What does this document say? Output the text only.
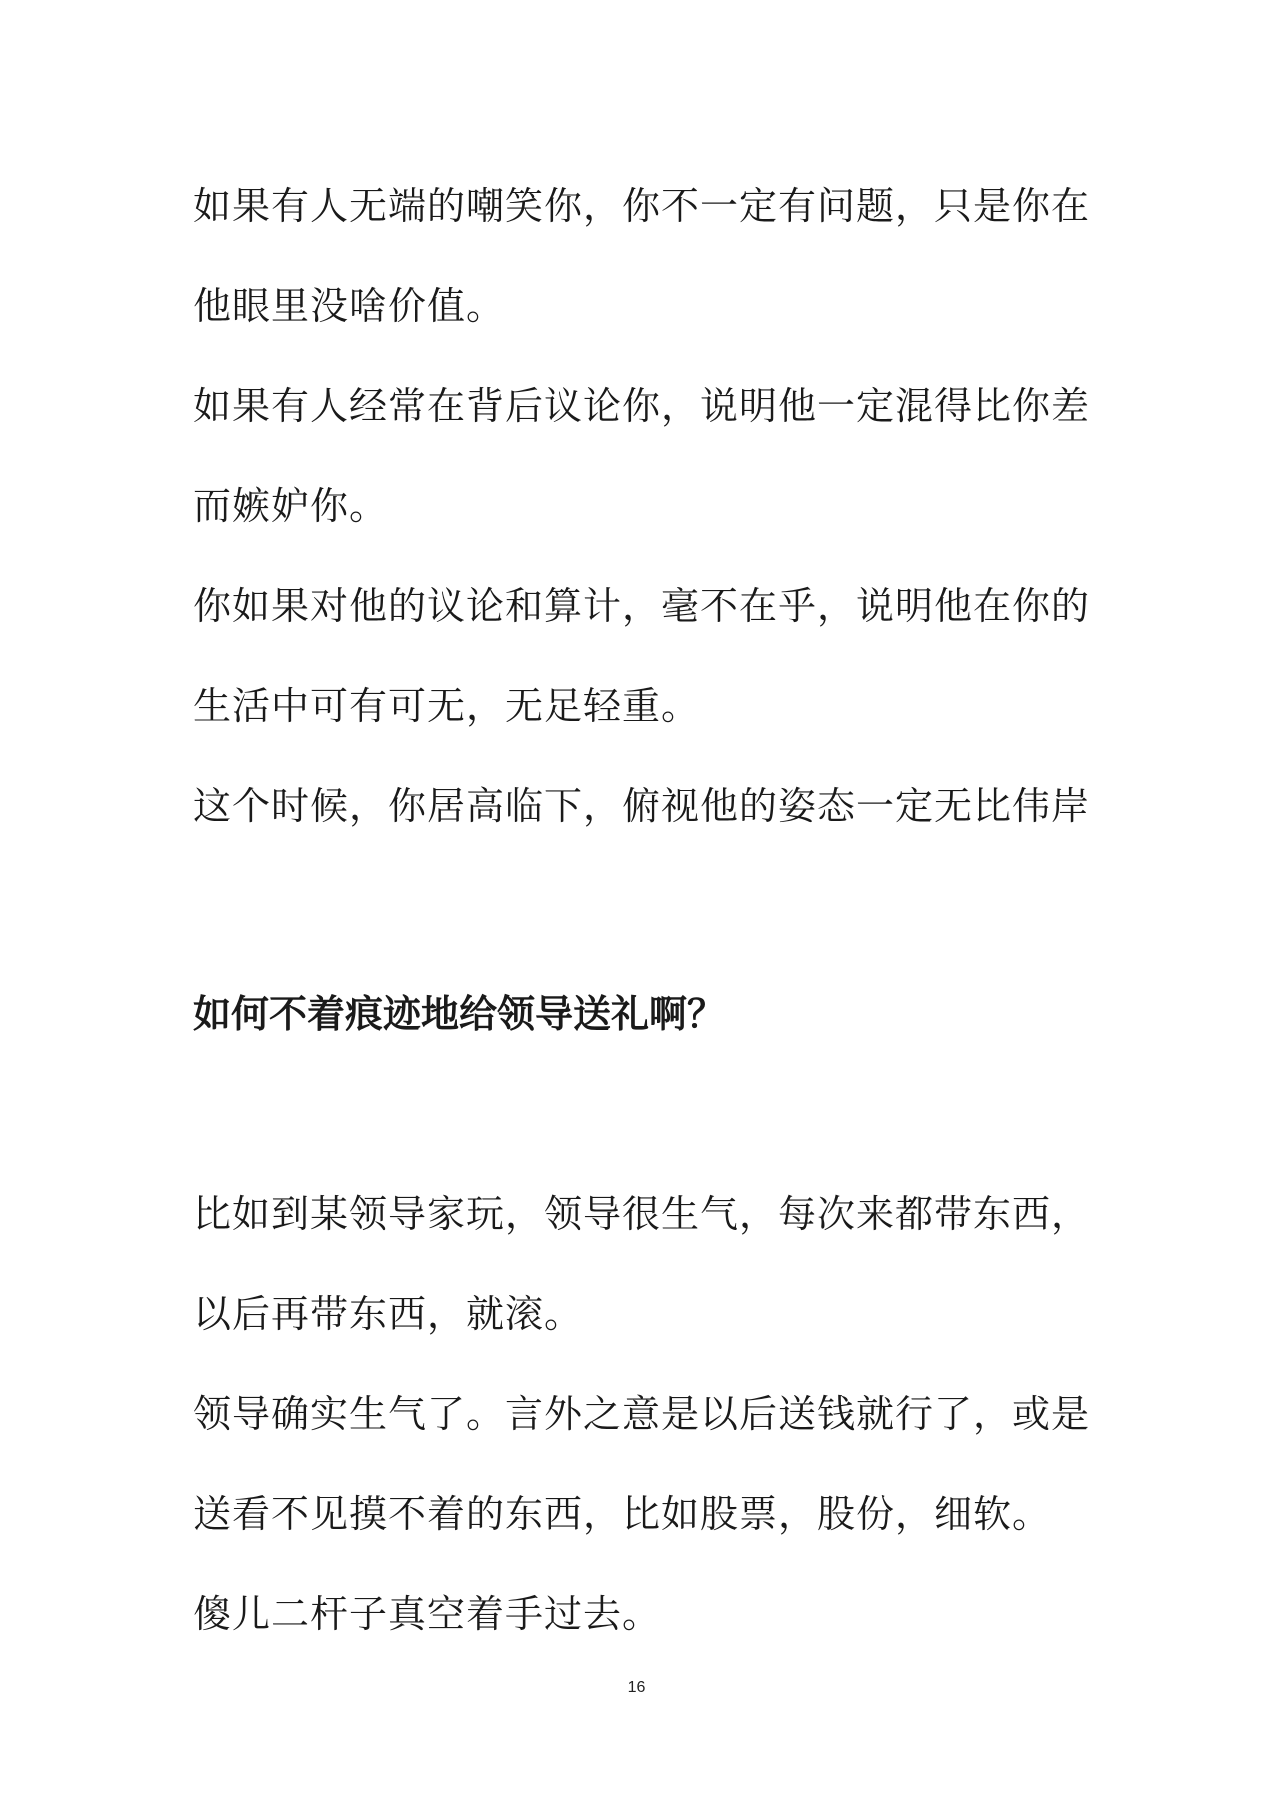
如果有人无端的嘲笑你，你不一定有问题，只是你在
他眼里没啥价值。
如果有人经常在背后议论你，说明他一定混得比你差
而嫉妒你。
你如果对他的议论和算计，毫不在乎，说明他在你的
生活中可有可无，无足轻重。
这个时候，你居高临下，俯视他的姿态一定无比伟岸
如何不着痕迹地给领导送礼啊？
比如到某领导家玩，领导很生气，每次来都带东西，
以后再带东西，就滚。
领导确实生气了。言外之意是以后送钱就行了，或是
送看不见摸不着的东西，比如股票，股份，细软。
傻儿二杆子真空着手过去。
16
